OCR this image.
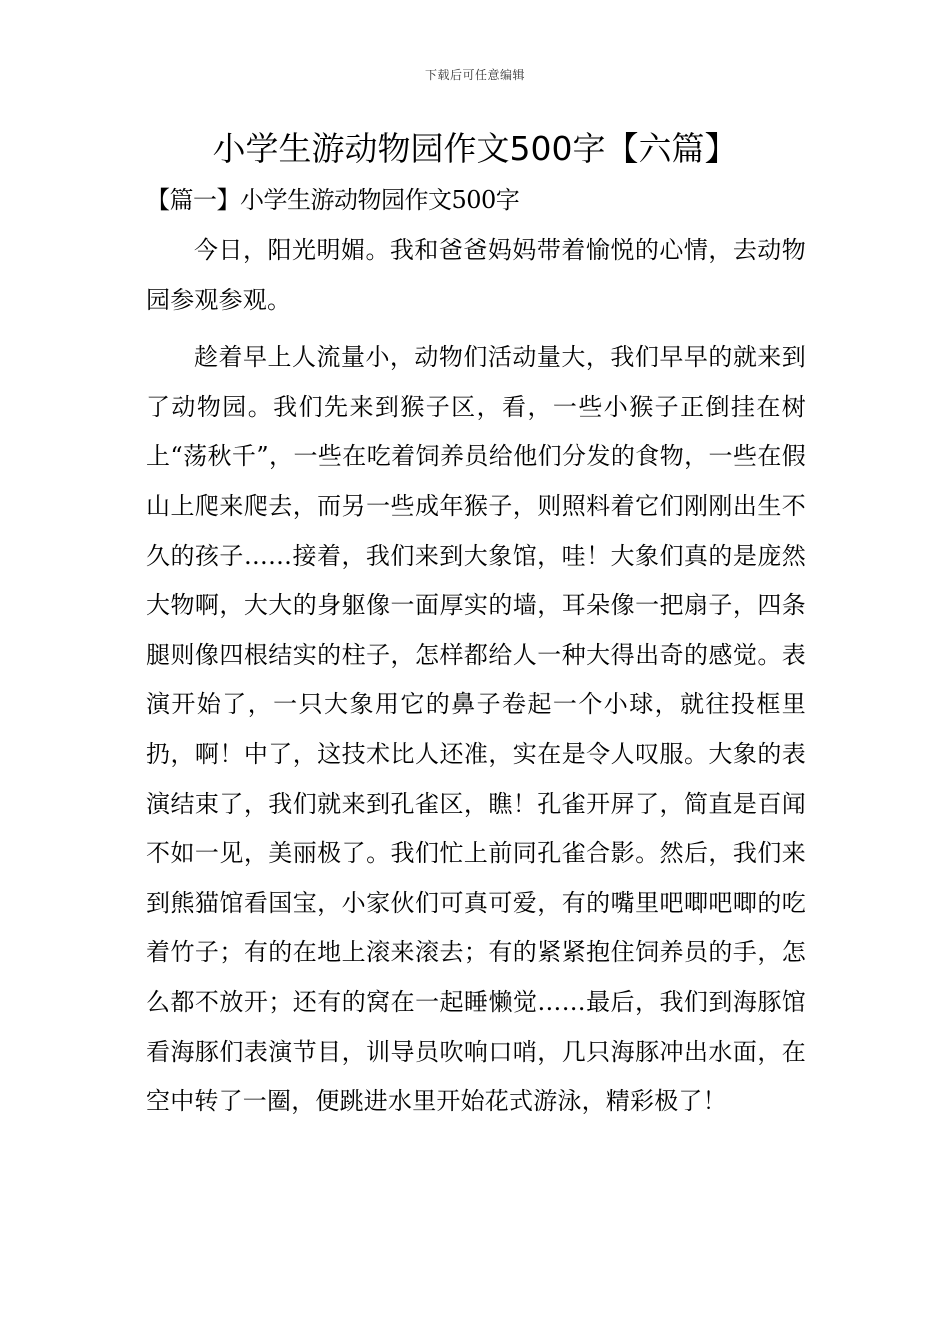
下载后可任意编辑
小学生游动物园作文500字【六篇】
【篇一】小学生游动物园作文500字

今日，阳光明媚。我和爸爸妈妈带着愉悦的心情，去动物园参观参观。

趁着早上人流量小，动物们活动量大，我们早早的就来到了动物园。我们先来到猴子区，看，一些小猴子正倒挂在树上“荡秋千”，一些在吃着饲养员给他们分发的食物，一些在假山上爬来爬去，而另一些成年猴子，则照料着它们刚刚出生不久的孩子……接着，我们来到大象馆，哇！大象们真的是庞然大物啊，大大的身躯像一面厚实的墙，耳朵像一把扇子，四条腿则像四根结实的柱子，怎样都给人一种大得出奇的感觉。表演开始了，一只大象用它的鼻子卷起一个小球，就往投框里扔，啊！中了，这技术比人还准，实在是令人叹服。大象的表演结束了，我们就来到孔雀区，瞧！孔雀开屏了，简直是百闻不如一见，美丽极了。我们忙上前同孔雀合影。然后，我们来到熊猫馆看国宝，小家伙们可真可爱，有的嘴里吧唧吧唧的吃着竹子；有的在地上滚来滚去；有的紧紧抱住饲养员的手，怎么都不放开；还有的窝在一起睡懒觉……最后，我们到海豚馆看海豚们表演节目，训导员吹响口哨，几只海豚冲出水面，在空中转了一圈，便跳进水里开始花式游泳，精彩极了！
